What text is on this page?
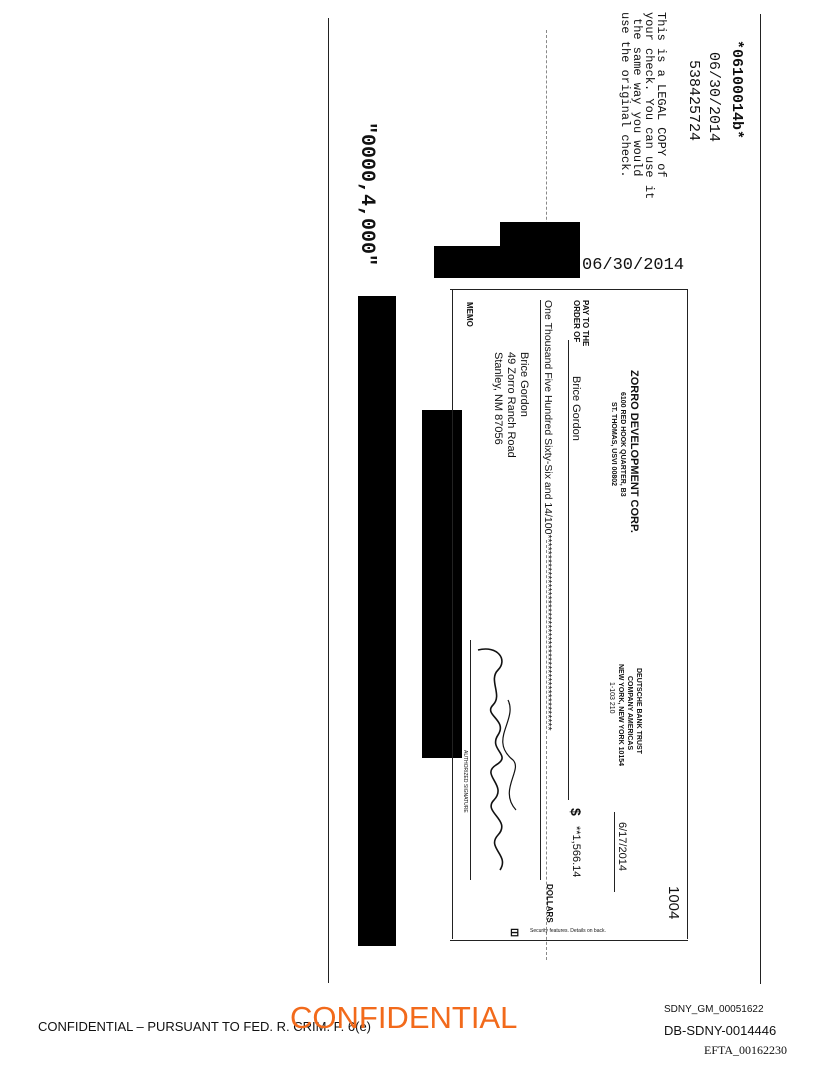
*06100014b*
06/30/2014
538425724
This is a LEGAL COPY of
your check. You can use it
the same way you would
use the original check.
06/30/2014
"0000,4,000"
ZORRO DEVELOPMENT CORP.
6100 RED HOOK QUARTER, B3
ST. THOMAS, USVI 00802
DEUTSCHE BANK TRUST
COMPANY AMERICAS
NEW YORK, NEW YORK 10154
1-103 210
1004
6/17/2014
PAY TO THE ORDER OF
Brice Gordon
$
**1,566.14
One Thousand Five Hundred Sixty-Six and 14/100************************************************
DOLLARS
Brice Gordon
49 Zorro Ranch Road
Stanley, NM 87056
MEMO
AUTHORIZED SIGNATURE
⊟ Security features. Details on back.
CONFIDENTIAL – PURSUANT TO FED. R. CRIM. P. 6(e)
CONFIDENTIAL	SDNY_GM_00051622
DB-SDNY-0014446
EFTA_00162230
